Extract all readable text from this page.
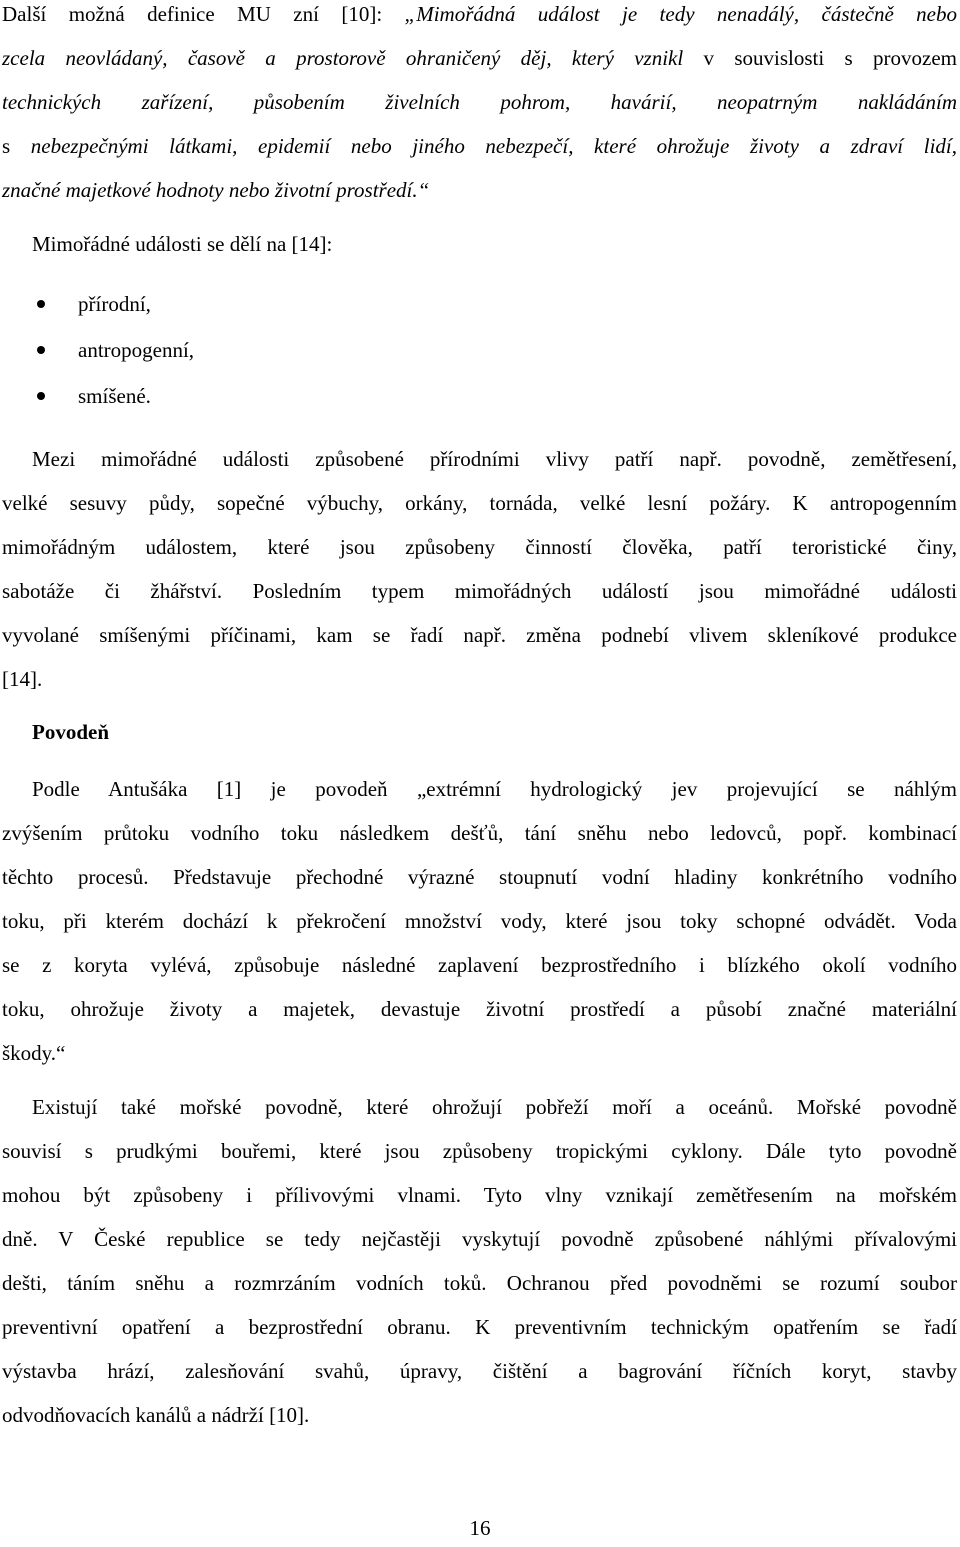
Další možná definice MU zní [10]: „Mimořádná událost je tedy nenadálý, částečně nebo
zcela neovládaný, časově a prostorově ohraničený děj, který vznikl v souvislosti s provozem
technických zařízení, působením živelních pohrom, havárií, neopatrným nakládáním
s nebezpečnými látkami, epidemií nebo jiného nebezpečí, které ohrožuje životy a zdraví lidí,
značné majetkové hodnoty nebo životní prostředí.“
Mimořádné události se dělí na [14]:
přírodní,
antropogenní,
smíšené.
Mezi mimořádné události způsobené přírodními vlivy patří např. povodně, zemětřesení,
velké sesuvy půdy, sopečné výbuchy, orkány, tornáda, velké lesní požáry. K antropogenním
mimořádným událostem, které jsou způsobeny činností člověka, patří teroristické činy,
sabotáže či žhářství. Posledním typem mimořádných událostí jsou mimořádné události
vyvolané smíšenými příčinami, kam se řadí např. změna podnebí vlivem skleníkové produkce
[14].
Povodeň
Podle Antušáka [1] je povodeň „extrémní hydrologický jev projevující se náhlým
zvýšením průtoku vodního toku následkem dešťů, tání sněhu nebo ledovců, popř. kombinací
těchto procesů. Představuje přechodné výrazné stoupnutí vodní hladiny konkrétního vodního
toku, při kterém dochází k překročení množství vody, které jsou toky schopné odvádět. Voda
se z koryta vylévá, způsobuje následné zaplavení bezprostředního i blízkého okolí vodního
toku, ohrožuje životy a majetek, devastuje životní prostředí a působí značné materiální
škody.“
Existují také mořské povodně, které ohrožují pobřeží moří a oceánů. Mořské povodně
souvisí s prudkými bouřemi, které jsou způsobeny tropickými cyklony. Dále tyto povodně
mohou být způsobeny i přílivovými vlnami. Tyto vlny vznikají zemětřesením na mořském
dně. V České republice se tedy nejčastěji vyskytují povodně způsobené náhlými přívalovými
dešti, táním sněhu a rozmrzáním vodních toků. Ochranou před povodněmi se rozumí soubor
preventivní opatření a bezprostřední obranu. K preventivním technickým opatřením se řadí
výstavba hrází, zalesňování svahů, úpravy, čištění a bagrování říčních koryt, stavby
odvodňovacích kanálů a nádrží [10].
16
